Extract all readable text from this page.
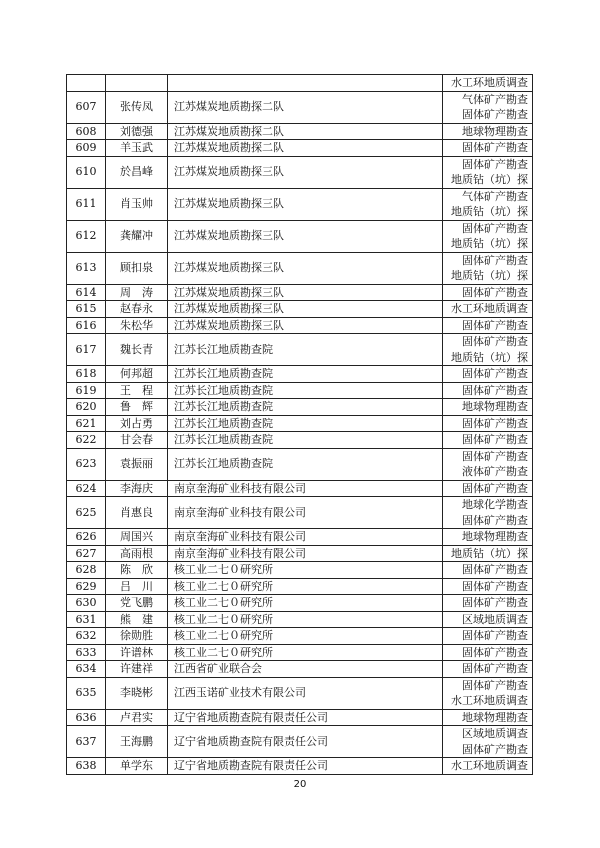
			水工环地质调查

607	张传凤	江苏煤炭地质勘探二队	气体矿产勘查
固体矿产勘查

608	刘德强	江苏煤炭地质勘探二队	地球物理勘查

609	羊玉武	江苏煤炭地质勘探二队	固体矿产勘查

610	於昌峰	江苏煤炭地质勘探三队	固体矿产勘查
地质钻（坑）探

611	肖玉帅	江苏煤炭地质勘探三队	气体矿产勘查
地质钻（坑）探

612	龚耀冲	江苏煤炭地质勘探三队	固体矿产勘查
地质钻（坑）探

613	顾扣泉	江苏煤炭地质勘探三队	固体矿产勘查
地质钻（坑）探

614	周　涛	江苏煤炭地质勘探三队	固体矿产勘查

615	赵春永	江苏煤炭地质勘探三队	水工环地质调查

616	朱松华	江苏煤炭地质勘探三队	固体矿产勘查

617	魏长青	江苏长江地质勘查院	固体矿产勘查
地质钻（坑）探

618	何邦超	江苏长江地质勘查院	固体矿产勘查

619	王　程	江苏长江地质勘查院	固体矿产勘查

620	鲁　辉	江苏长江地质勘查院	地球物理勘查

621	刘占勇	江苏长江地质勘查院	固体矿产勘查

622	甘会春	江苏长江地质勘查院	固体矿产勘查

623	袁振丽	江苏长江地质勘查院	固体矿产勘查
液体矿产勘查

624	李海庆	南京奎海矿业科技有限公司	固体矿产勘查

625	肖惠良	南京奎海矿业科技有限公司	地球化学勘查
固体矿产勘查

626	周国兴	南京奎海矿业科技有限公司	地球物理勘查

627	高雨根	南京奎海矿业科技有限公司	地质钻（坑）探

628	陈　欣	核工业二七０研究所	固体矿产勘查

629	吕　川	核工业二七０研究所	固体矿产勘查

630	党飞鹏	核工业二七０研究所	固体矿产勘查

631	熊　建	核工业二七０研究所	区域地质调查

632	徐勋胜	核工业二七０研究所	固体矿产勘查

633	许谱林	核工业二七０研究所	固体矿产勘查

634	许建祥	江西省矿业联合会	固体矿产勘查

635	李晓彬	江西玉诺矿业技术有限公司	固体矿产勘查
水工环地质调查

636	卢君实	辽宁省地质勘查院有限责任公司	地球物理勘查

637	王海鹏	辽宁省地质勘查院有限责任公司	区域地质调查
固体矿产勘查

638	单学东	辽宁省地质勘查院有限责任公司	水工环地质调查
20
